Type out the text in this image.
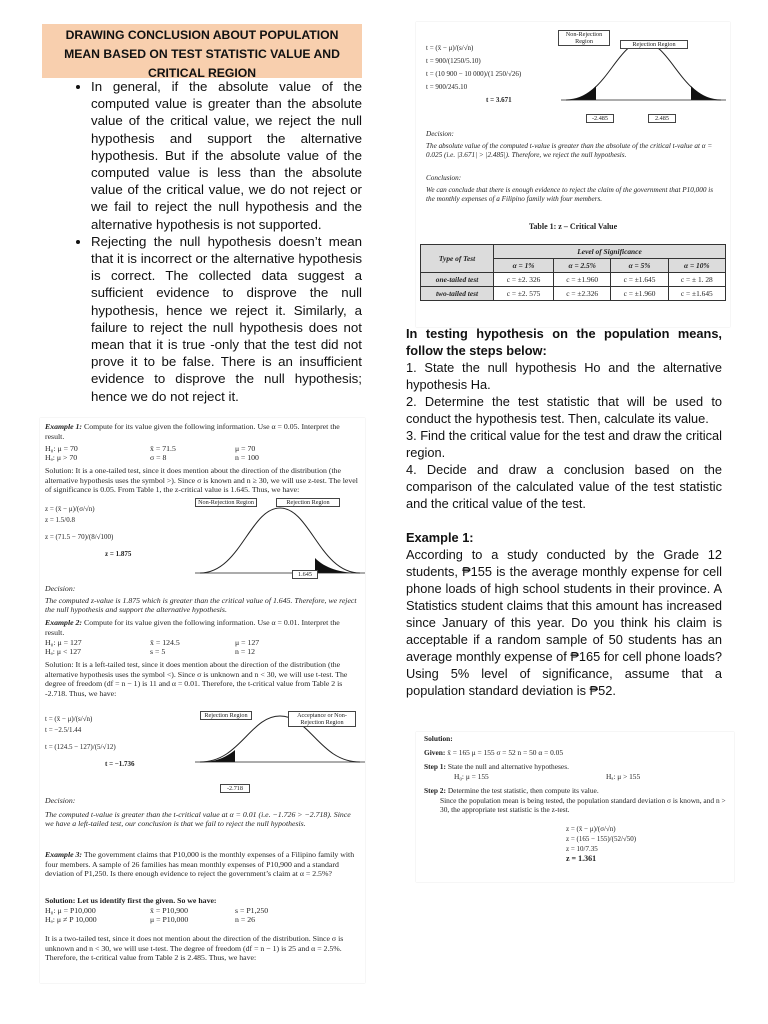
DRAWING CONCLUSION ABOUT POPULATION
MEAN BASED ON TEST STATISTIC VALUE AND
CRITICAL REGION
• In general, if the absolute value of the computed value is greater than the absolute value of the critical value, we reject the null hypothesis and support the alternative hypothesis. But if the absolute value of the computed value is less than the absolute value of the critical value, we do not reject or we fail to reject the null hypothesis and the alternative hypothesis is not supported.
• Rejecting the null hypothesis doesn’t mean that it is incorrect or the alternative hypothesis is correct. The collected data suggest a sufficient evidence to disprove the null hypothesis, hence we reject it. Similarly, a failure to reject the null hypothesis does not mean that it is true -only that the test did not prove it to be false. There is an insufficient evidence to disprove the null hypothesis; hence we do not reject it.
Example 1: Compute for its value given the following information. Use α = 0.05. Interpret the result.
H₀: μ = 70	x̄ = 71.5	μ = 70
Hₐ: μ > 70	σ = 8	n = 100
Solution: It is a one-tailed test, since it does mention about the direction of the distribution (the alternative hypothesis uses the symbol >). Since σ is known and n ≥ 30, we will use z-test. The level of significance is 0.05. From Table 1, the z-critical value is 1.645. Thus, we have:
z = (x̄ − μ)/(σ/√n)
z = 1.5/0.8
z = (71.5 − 70)/(8/√100)
z = 1.875
Non-Rejection Region	Rejection Region
1.645
Decision:

The computed z-value is 1.875 which is greater than the critical value of 1.645. Therefore, we reject the null hypothesis and support the alternative hypothesis.
Example 2: Compute for its value given the following information. Use α = 0.01. Interpret the result.
H₀: μ = 127	x̄ = 124.5	μ = 127
Hₐ: μ < 127	s = 5	n = 12
Solution: It is a left-tailed test, since it does mention about the direction of the distribution (the alternative hypothesis uses the symbol <). Since σ is unknown and n < 30, we will use t-test. The degree of freedom (df = n − 1) is 11 and α = 0.01. Therefore, the t-critical value from Table 2 is -2.718. Thus, we have:
t = (x̄ − μ)/(s/√n)
t = −2.5/1.44
t = (124.5 − 127)/(5/√12)
t = −1.736
Rejection Region	Acceptance or Non-Rejection Region
-2.718
Decision:

The computed t-value is greater than the t-critical value at α = 0.01 (i.e. −1.726 > −2.718). Since we have a left-tailed test, our conclusion is that we fail to reject the null hypothesis.
Example 3: The government claims that P10,000 is the monthly expenses of a Filipino family with four members. A sample of 26 families has mean monthly expenses of P10,900 and a standard deviation of P1,250. Is there enough evidence to reject the government’s claim at α = 2.5%?
Solution: Let us identify first the given. So we have:
H₀: μ = P10,000	x̄ = P10,900	s = P1,250
Hₐ: μ ≠ P 10,000	μ = P10,000	n = 26
It is a two-tailed test, since it does not mention about the direction of the distribution. Since σ is unknown and n < 30, we will use t-test. The degree of freedom (df = n − 1) is 25 and α = 2.5%. Therefore, the t-critical value from Table 2 is 2.485. Thus, we have:
t = (x̄ − μ)/(s/√n)
t = 900/(1250/5.10)
t = (10 900 − 10 000)/(1 250/√26)
t = 900/245.10
t = 3.671
Non-Rejection Region	Rejection Region
-2.485	2.485
Decision:
The absolute value of the computed t-value is greater than the absolute of the critical t-value at α = 0.025 (i.e. |3.671| > |2.485|). Therefore, we reject the null hypothesis.
Conclusion:
We can conclude that there is enough evidence to reject the claim of the government that P10,000 is the monthly expenses of a Filipino family with four members.
Table 1: z – Critical Value
Type of Test	Level of Significance			
	α = 1%	α = 2.5%	α = 5%	α = 10%
one-tailed test	c = ±2. 326	c = ±1.960	c = ±1.645	c = ± 1. 28
two-tailed test	c = ±2. 575	c = ±2.326	c = ±1.960	c = ±1.645

In testing hypothesis on the population means, follow the steps below:

1. State the null hypothesis Ho and the alternative hypothesis Ha.

2. Determine the test statistic that will be used to conduct the hypothesis test. Then, calculate its value.

3. Find the critical value for the test and draw the critical region.

4. Decide and draw a conclusion based on the comparison of the calculated value of the test statistic and the critical value of the test.

Example 1:

According to a study conducted by the Grade 12 students, ₱155 is the average monthly expense for cell phone loads of high school students in their province. A Statistics student claims that this amount has increased since January of this year. Do you think his claim is acceptable if a random sample of 50 students has an average monthly expense of ₱165 for cell phone loads? Using 5% level of significance, assume that a population standard deviation is ₱52.

Solution:
Given: x̄ = 165 μ = 155 σ = 52 n = 50 α = 0.05
Step 1: State the null and alternative hypotheses.
H₀: μ = 155	Hₐ: μ > 155
Step 2: Determine the test statistic, then compute its value.
Since the population mean is being tested, the population standard deviation σ is known, and n > 30, the appropriate test statistic is the z-test.
z = (x̄ − μ)/(σ/√n)
z = (165 − 155)/(52/√50)
z = 10/7.35
z = 1.361
